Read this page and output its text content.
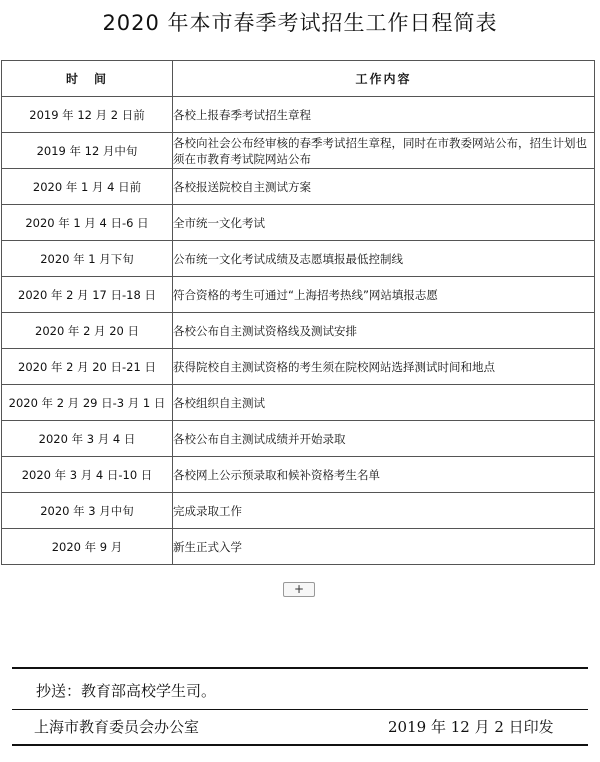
2020 年本市春季考试招生工作日程简表
时　间	工作内容
2019 年 12 月 2 日前	各校上报春季考试招生章程
2019 年 12 月中旬	各校向社会公布经审核的春季考试招生章程，同时在市教委网站公布，招生计划也须在市教育考试院网站公布
2020 年 1 月 4 日前	各校报送院校自主测试方案
2020 年 1 月 4 日-6 日	全市统一文化考试
2020 年 1 月下旬	公布统一文化考试成绩及志愿填报最低控制线
2020 年 2 月 17 日-18 日	符合资格的考生可通过“上海招考热线”网站填报志愿
2020 年 2 月 20 日	各校公布自主测试资格线及测试安排
2020 年 2 月 20 日-21 日	获得院校自主测试资格的考生须在院校网站选择测试时间和地点
2020 年 2 月 29 日-3 月 1 日	各校组织自主测试
2020 年 3 月 4 日	各校公布自主测试成绩并开始录取
2020 年 3 月 4 日-10 日	各校网上公示预录取和候补资格考生名单
2020 年 3 月中旬	完成录取工作
2020 年 9 月	新生正式入学
+
抄送：教育部高校学生司。
上海市教育委员会办公室	2019 年 12 月 2 日印发
